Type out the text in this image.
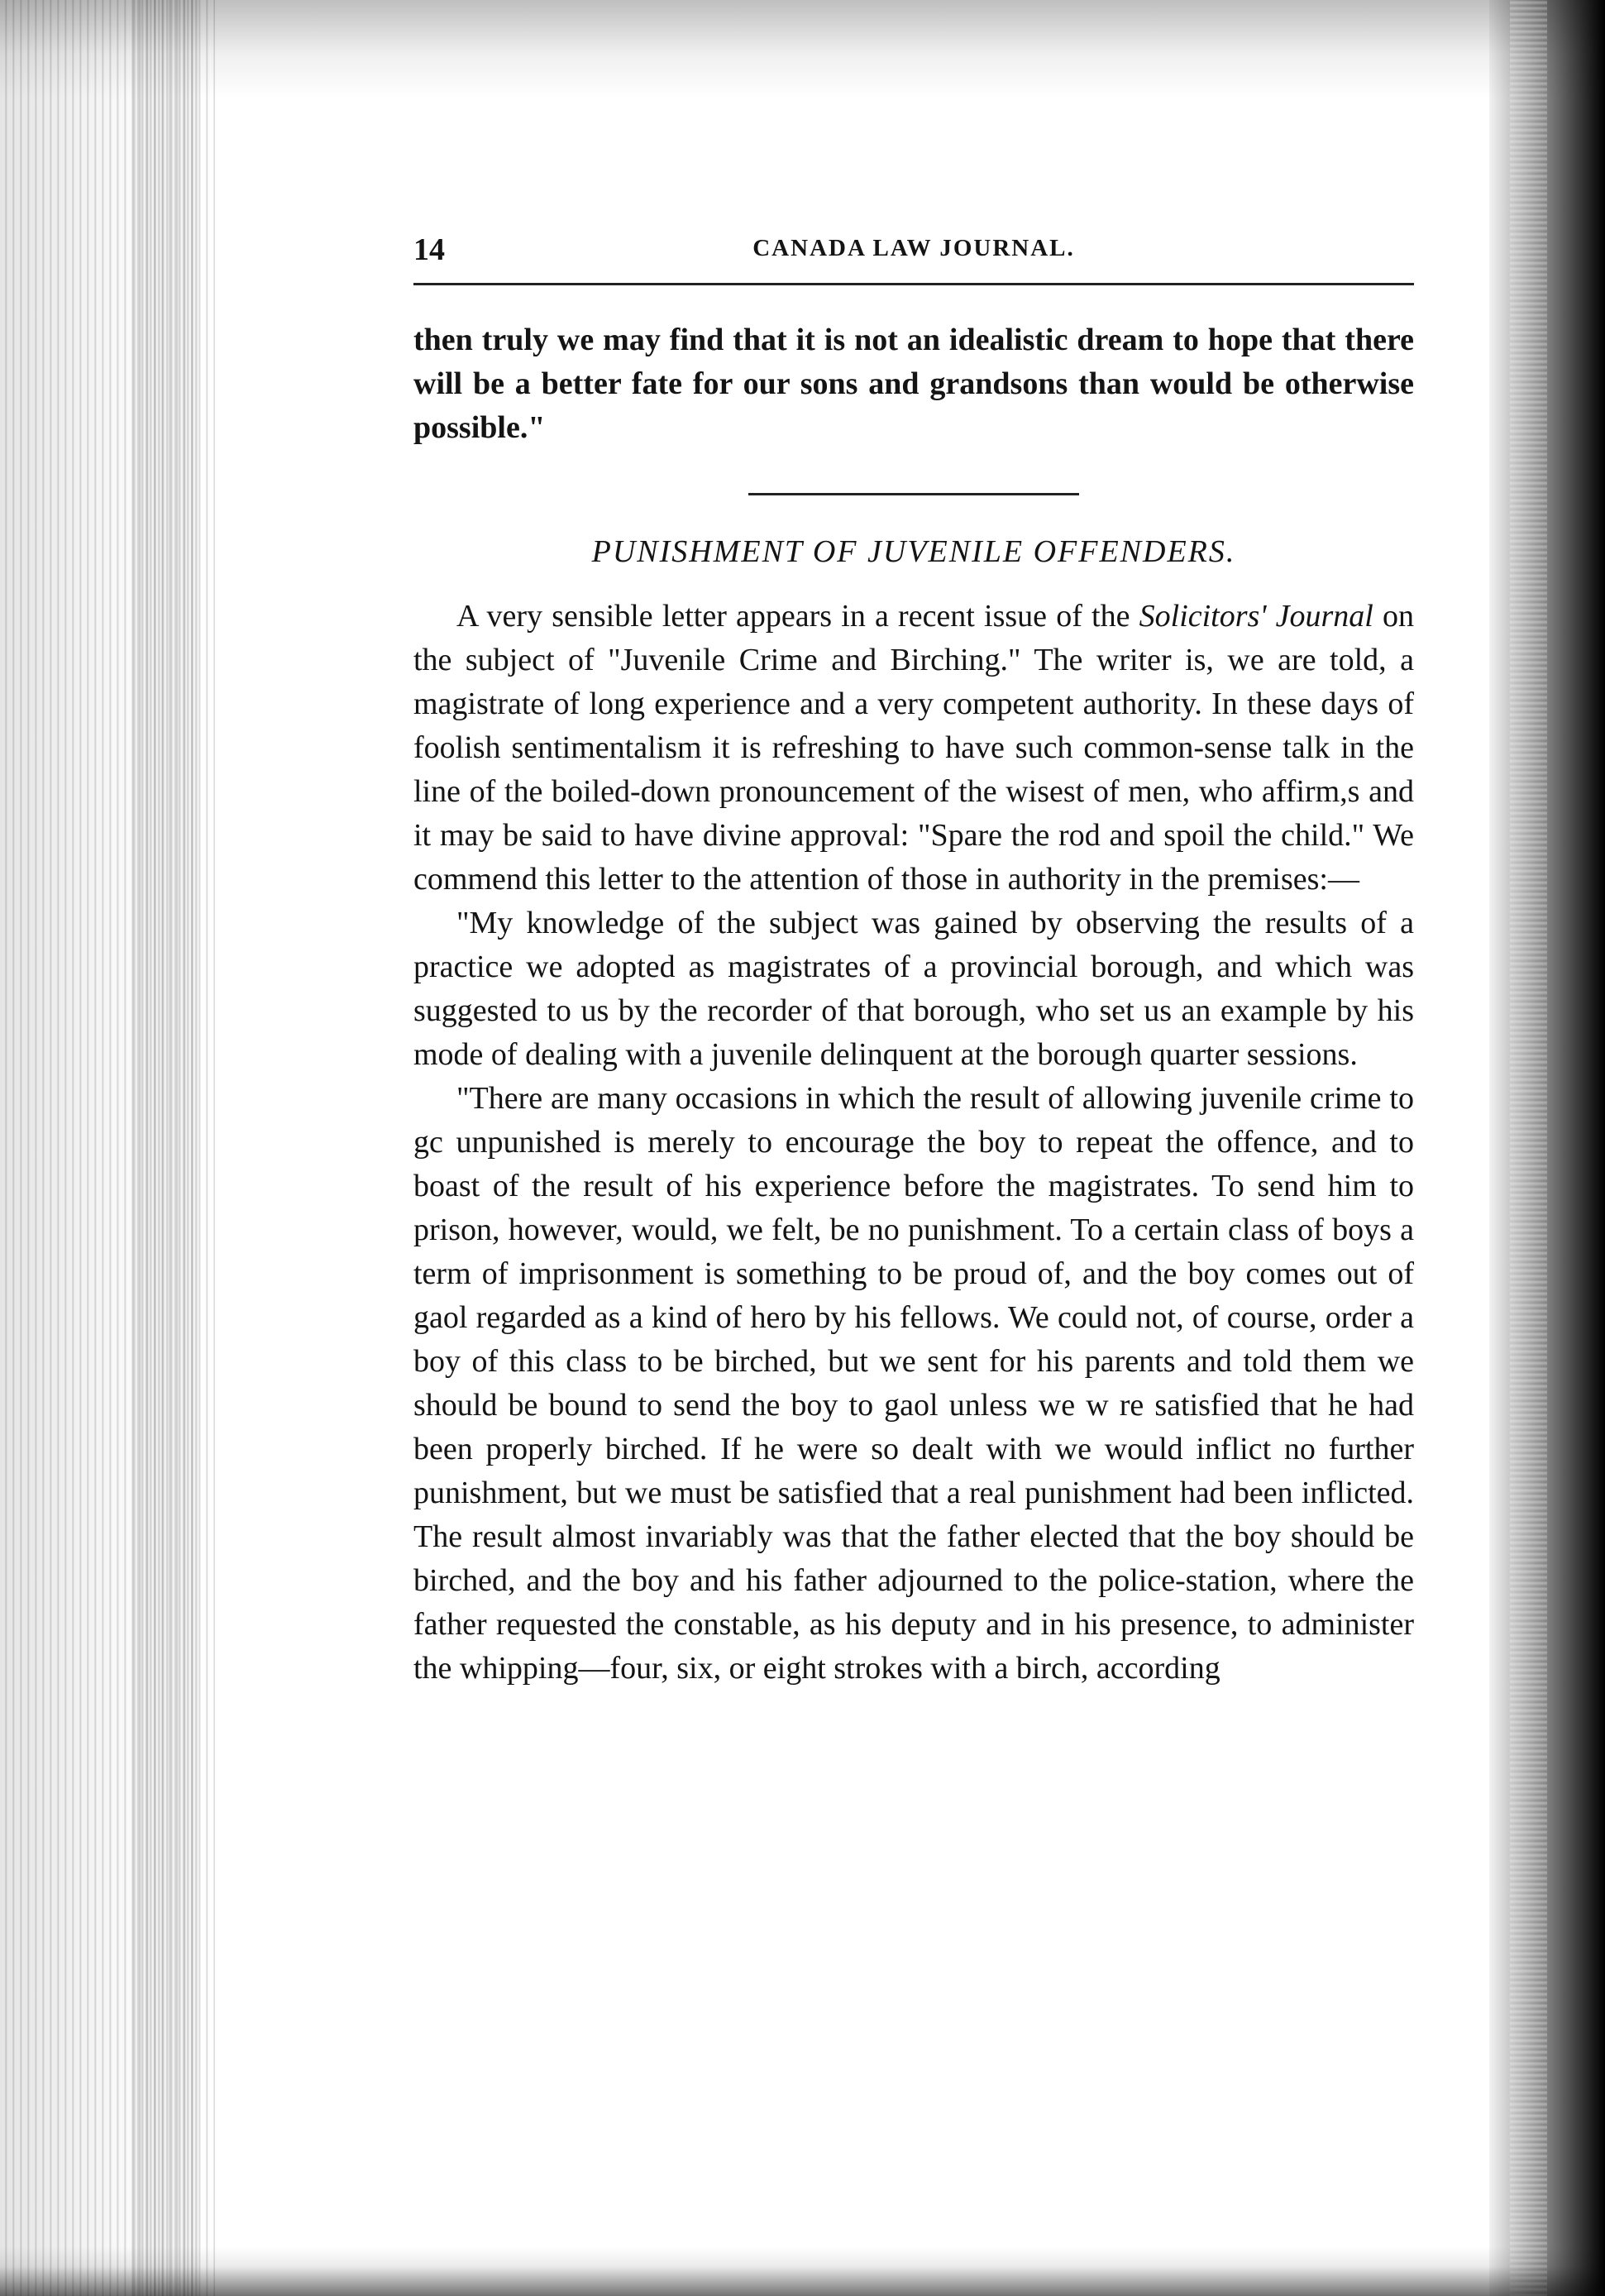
14	CANADA LAW JOURNAL.

then truly we may find that it is not an idealistic dream to hope that there will be a better fate for our sons and grandsons than would be otherwise possible."

PUNISHMENT OF JUVENILE OFFENDERS.

A very sensible letter appears in a recent issue of the Solicitors' Journal on the subject of "Juvenile Crime and Birching." The writer is, we are told, a magistrate of long experience and a very competent authority. In these days of foolish sentimentalism it is refreshing to have such common-sense talk in the line of the boiled-down pronouncement of the wisest of men, who affirm,s and it may be said to have divine approval: "Spare the rod and spoil the child." We commend this letter to the attention of those in authority in the premises:—

"My knowledge of the subject was gained by observing the results of a practice we adopted as magistrates of a provincial borough, and which was suggested to us by the recorder of that borough, who set us an example by his mode of dealing with a juvenile delinquent at the borough quarter sessions.

"There are many occasions in which the result of allowing juvenile crime to gc unpunished is merely to encourage the boy to repeat the offence, and to boast of the result of his experience before the magistrates. To send him to prison, however, would, we felt, be no punishment. To a certain class of boys a term of imprisonment is something to be proud of, and the boy comes out of gaol regarded as a kind of hero by his fellows. We could not, of course, order a boy of this class to be birched, but we sent for his parents and told them we should be bound to send the boy to gaol unless we w re satisfied that he had been properly birched. If he were so dealt with we would inflict no further punishment, but we must be satisfied that a real punishment had been inflicted. The result almost invariably was that the father elected that the boy should be birched, and the boy and his father adjourned to the police-station, where the father requested the constable, as his deputy and in his presence, to administer the whipping—four, six, or eight strokes with a birch, according
